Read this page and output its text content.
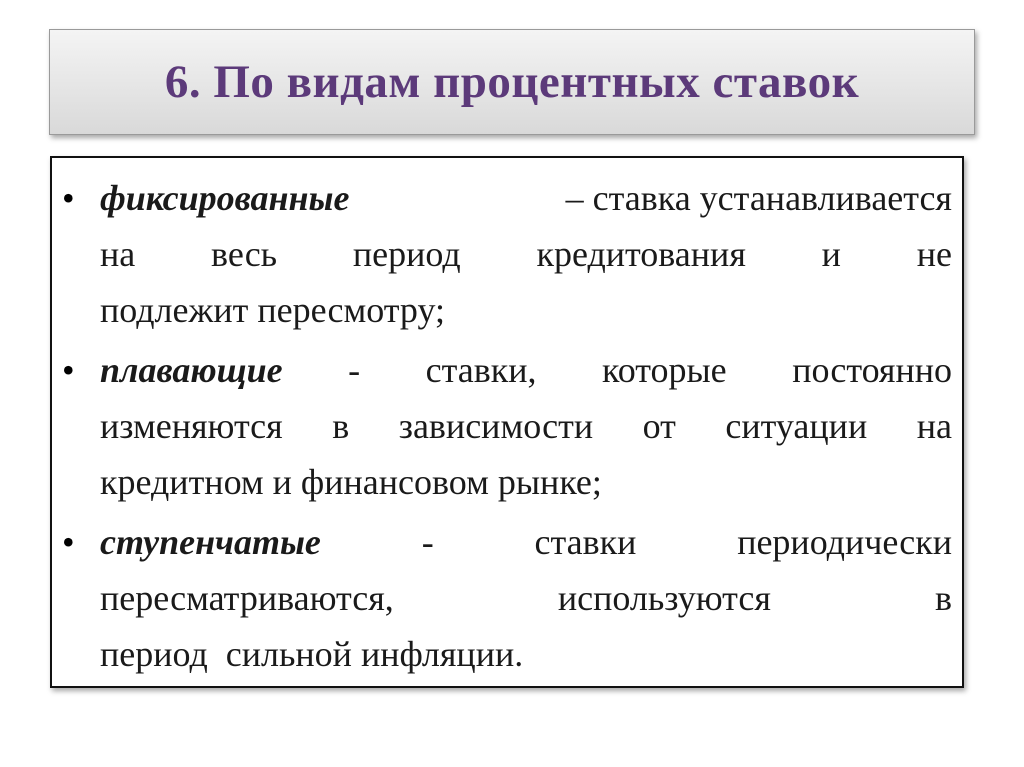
6. По видам процентных ставок
• фиксированные	– ставка устанавливается
на весь период кредитования и не
подлежит пересмотру;
• плавающие - ставки, которые постоянно
изменяются в зависимости от ситуации на
кредитном и финансовом рынке;
• ступенчатые	-	ставки	периодически
пересматриваются,	используются	в
период  сильной инфляции.
